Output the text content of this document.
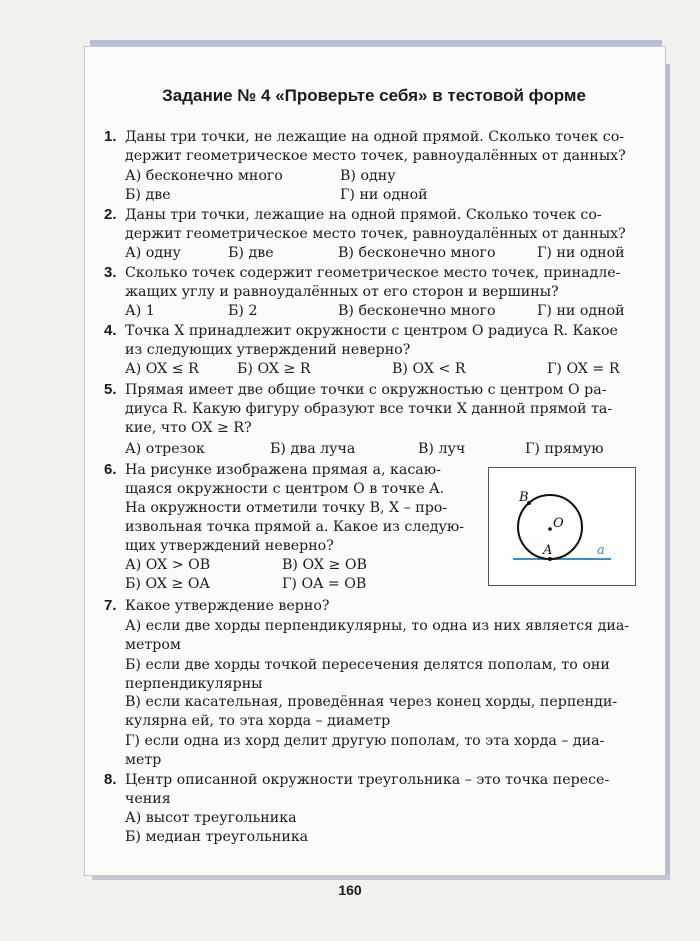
Задание № 4 «Проверьте себя» в тестовой форме
1. Даны три точки, не лежащие на одной прямой. Сколько точек со-
держит геометрическое место точек, равноудалённых от данных?
А) бесконечно много	В) одну
Б) две	Г) ни одной
2. Даны три точки, лежащие на одной прямой. Сколько точек со-
держит геометрическое место точек, равноудалённых от данных?
А) одну	Б) две	В) бесконечно много	Г) ни одной
3. Сколько точек содержит геометрическое место точек, принадле-
жащих углу и равноудалённых от его сторон и вершины?
А) 1	Б) 2	В) бесконечно много	Г) ни одной
4. Точка X принадлежит окружности с центром O радиуса R. Какое
из следующих утверждений неверно?
А) OX ≤ R	Б) OX ≥ R	В) OX < R	Г) OX = R
5. Прямая имеет две общие точки с окружностью с центром O ра-
диуса R. Какую фигуру образуют все точки X данной прямой та-
кие, что OX ≥ R?
А) отрезок	Б) два луча	В) луч	Г) прямую
6. На рисунке изображена прямая a, касаю-
щаяся окружности с центром O в точке A.
На окружности отметили точку B, X – про-
извольная точка прямой a. Какое из следую-
щих утверждений неверно?
А) OX > OB	В) OX ≥ OB
Б) OX ≥ OA	Г) OA = OB
B
O
A	a
7. Какое утверждение верно?
А) если две хорды перпендикулярны, то одна из них является диа-
метром
Б) если две хорды точкой пересечения делятся пополам, то они
перпендикулярны
В) если касательная, проведённая через конец хорды, перпенди-
кулярна ей, то эта хорда – диаметр
Г) если одна из хорд делит другую пополам, то эта хорда – диа-
метр
8. Центр описанной окружности треугольника – это точка пересе-
чения
А) высот треугольника
Б) медиан треугольника
160
